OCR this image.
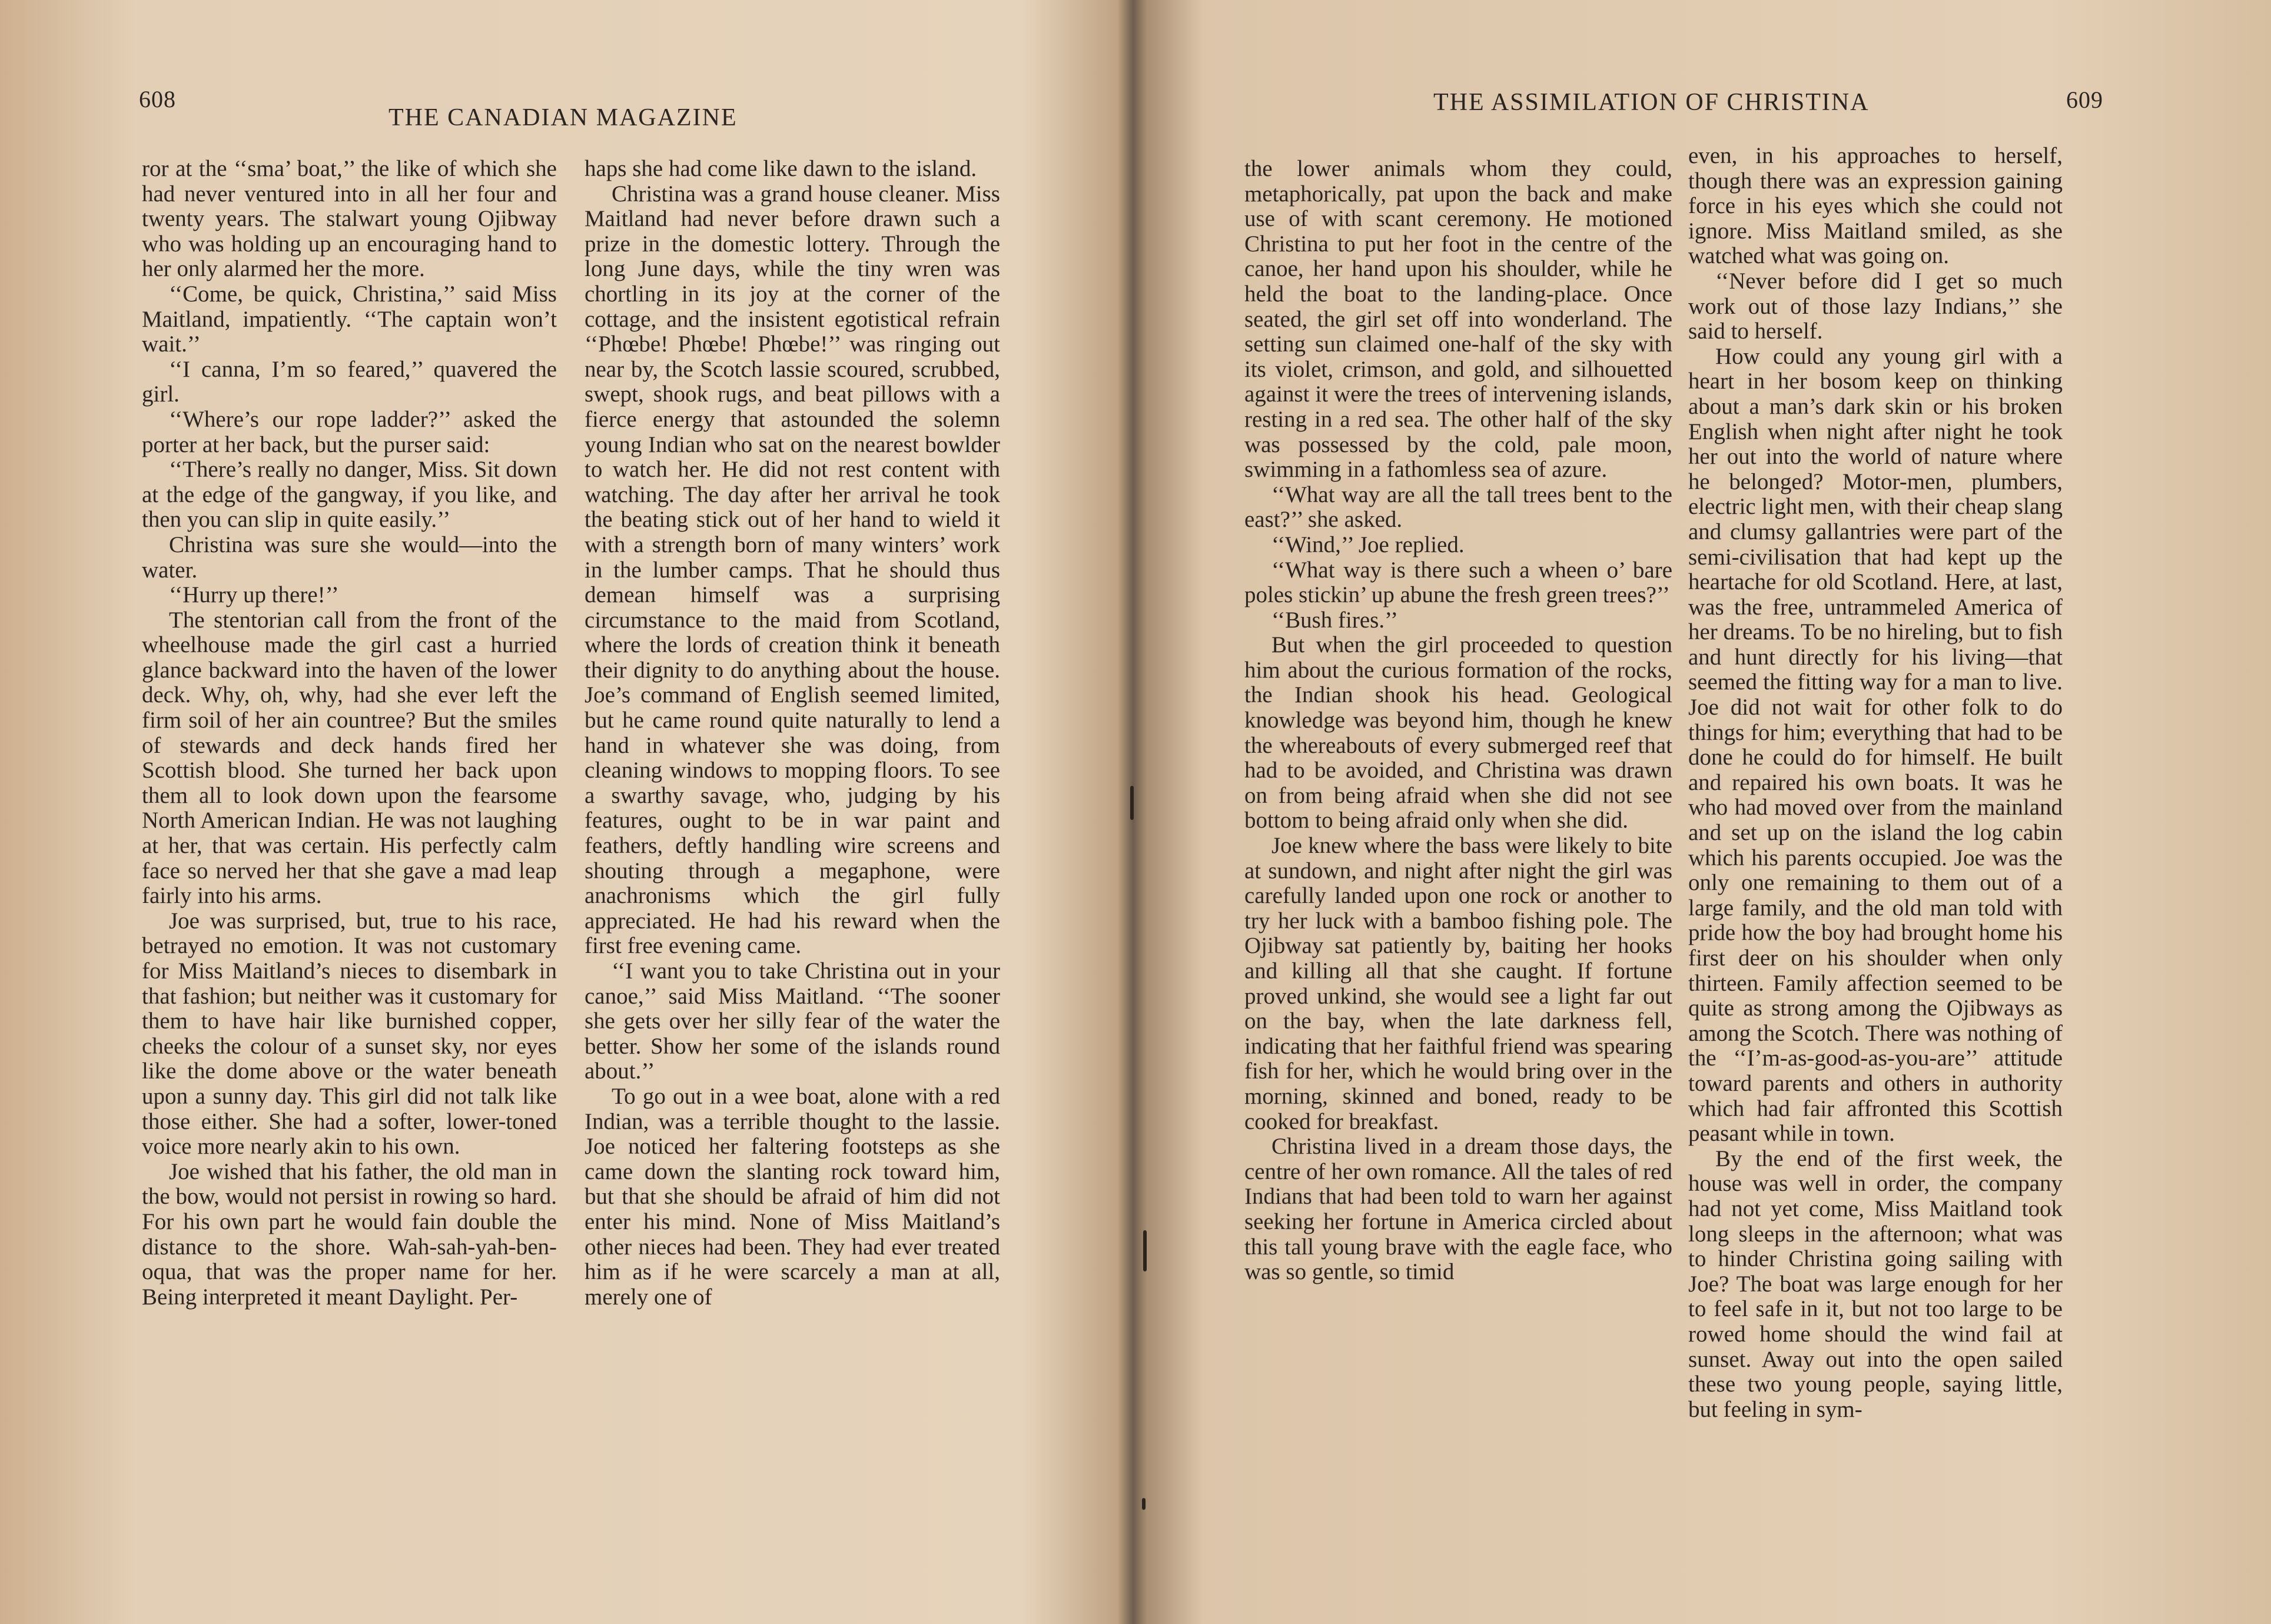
608
THE CANADIAN MAGAZINE

ror at the ‘‘sma’ boat,’’ the like of which she had never ventured into in all her four and twenty years. The stalwart young Ojibway who was holding up an encouraging hand to her only alarmed her the more.

‘‘Come, be quick, Christina,’’ said Miss Maitland, impatiently. ‘‘The captain won’t wait.’’

‘‘I canna, I’m so feared,’’ quavered the girl.

‘‘Where’s our rope ladder?’’ asked the porter at her back, but the purser said:

‘‘There’s really no danger, Miss. Sit down at the edge of the gangway, if you like, and then you can slip in quite easily.’’

Christina was sure she would—into the water.

‘‘Hurry up there!’’

The stentorian call from the front of the wheelhouse made the girl cast a hurried glance backward into the haven of the lower deck. Why, oh, why, had she ever left the firm soil of her ain countree? But the smiles of stewards and deck hands fired her Scottish blood. She turned her back upon them all to look down upon the fearsome North American Indian. He was not laughing at her, that was certain. His perfectly calm face so nerved her that she gave a mad leap fairly into his arms.

Joe was surprised, but, true to his race, betrayed no emotion. It was not customary for Miss Maitland’s nieces to disembark in that fashion; but neither was it customary for them to have hair like burnished copper, cheeks the colour of a sunset sky, nor eyes like the dome above or the water beneath upon a sunny day. This girl did not talk like those either. She had a softer, lower-toned voice more nearly akin to his own.

Joe wished that his father, the old man in the bow, would not persist in rowing so hard. For his own part he would fain double the distance to the shore. Wah-sah-yah-ben-oqua, that was the proper name for her. Being interpreted it meant Daylight. Per-

haps she had come like dawn to the island.

Christina was a grand house cleaner. Miss Maitland had never before drawn such a prize in the domestic lottery. Through the long June days, while the tiny wren was chortling in its joy at the corner of the cottage, and the insistent egotistical refrain ‘‘Phœbe! Phœbe! Phœbe!’’ was ringing out near by, the Scotch lassie scoured, scrubbed, swept, shook rugs, and beat pillows with a fierce energy that astounded the solemn young Indian who sat on the nearest bowlder to watch her. He did not rest content with watching. The day after her arrival he took the beating stick out of her hand to wield it with a strength born of many winters’ work in the lumber camps. That he should thus demean himself was a surprising circumstance to the maid from Scotland, where the lords of creation think it beneath their dignity to do anything about the house. Joe’s command of English seemed limited, but he came round quite naturally to lend a hand in whatever she was doing, from cleaning windows to mopping floors. To see a swarthy savage, who, judging by his features, ought to be in war paint and feathers, deftly handling wire screens and shouting through a megaphone, were anachronisms which the girl fully appreciated. He had his reward when the first free evening came.

‘‘I want you to take Christina out in your canoe,’’ said Miss Maitland. ‘‘The sooner she gets over her silly fear of the water the better. Show her some of the islands round about.’’

To go out in a wee boat, alone with a red Indian, was a terrible thought to the lassie. Joe noticed her faltering footsteps as she came down the slanting rock toward him, but that she should be afraid of him did not enter his mind. None of Miss Maitland’s other nieces had been. They had ever treated him as if he were scarcely a man at all, merely one of

THE ASSIMILATION OF CHRISTINA	609

the lower animals whom they could, metaphorically, pat upon the back and make use of with scant ceremony. He motioned Christina to put her foot in the centre of the canoe, her hand upon his shoulder, while he held the boat to the landing-place. Once seated, the girl set off into wonderland. The setting sun claimed one-half of the sky with its violet, crimson, and gold, and silhouetted against it were the trees of intervening islands, resting in a red sea. The other half of the sky was possessed by the cold, pale moon, swimming in a fathomless sea of azure.

‘‘What way are all the tall trees bent to the east?’’ she asked.

‘‘Wind,’’ Joe replied.

‘‘What way is there such a wheen o’ bare poles stickin’ up abune the fresh green trees?’’

‘‘Bush fires.’’

But when the girl proceeded to question him about the curious formation of the rocks, the Indian shook his head. Geological knowledge was beyond him, though he knew the whereabouts of every submerged reef that had to be avoided, and Christina was drawn on from being afraid when she did not see bottom to being afraid only when she did.

Joe knew where the bass were likely to bite at sundown, and night after night the girl was carefully landed upon one rock or another to try her luck with a bamboo fishing pole. The Ojibway sat patiently by, baiting her hooks and killing all that she caught. If fortune proved unkind, she would see a light far out on the bay, when the late darkness fell, indicating that her faithful friend was spearing fish for her, which he would bring over in the morning, skinned and boned, ready to be cooked for breakfast.

Christina lived in a dream those days, the centre of her own romance. All the tales of red Indians that had been told to warn her against seeking her fortune in America circled about this tall young brave with the eagle face, who was so gentle, so timid

even, in his approaches to herself, though there was an expression gaining force in his eyes which she could not ignore. Miss Maitland smiled, as she watched what was going on.

‘‘Never before did I get so much work out of those lazy Indians,’’ she said to herself.

How could any young girl with a heart in her bosom keep on thinking about a man’s dark skin or his broken English when night after night he took her out into the world of nature where he belonged? Motor-men, plumbers, electric light men, with their cheap slang and clumsy gallantries were part of the semi-civilisation that had kept up the heartache for old Scotland. Here, at last, was the free, untrammeled America of her dreams. To be no hireling, but to fish and hunt directly for his living—that seemed the fitting way for a man to live. Joe did not wait for other folk to do things for him; everything that had to be done he could do for himself. He built and repaired his own boats. It was he who had moved over from the mainland and set up on the island the log cabin which his parents occupied. Joe was the only one remaining to them out of a large family, and the old man told with pride how the boy had brought home his first deer on his shoulder when only thirteen. Family affection seemed to be quite as strong among the Ojibways as among the Scotch. There was nothing of the ‘‘I’m-as-good-as-you-are’’ attitude toward parents and others in authority which had fair affronted this Scottish peasant while in town.

By the end of the first week, the house was well in order, the company had not yet come, Miss Maitland took long sleeps in the afternoon; what was to hinder Christina going sailing with Joe? The boat was large enough for her to feel safe in it, but not too large to be rowed home should the wind fail at sunset. Away out into the open sailed these two young people, saying little, but feeling in sym-
